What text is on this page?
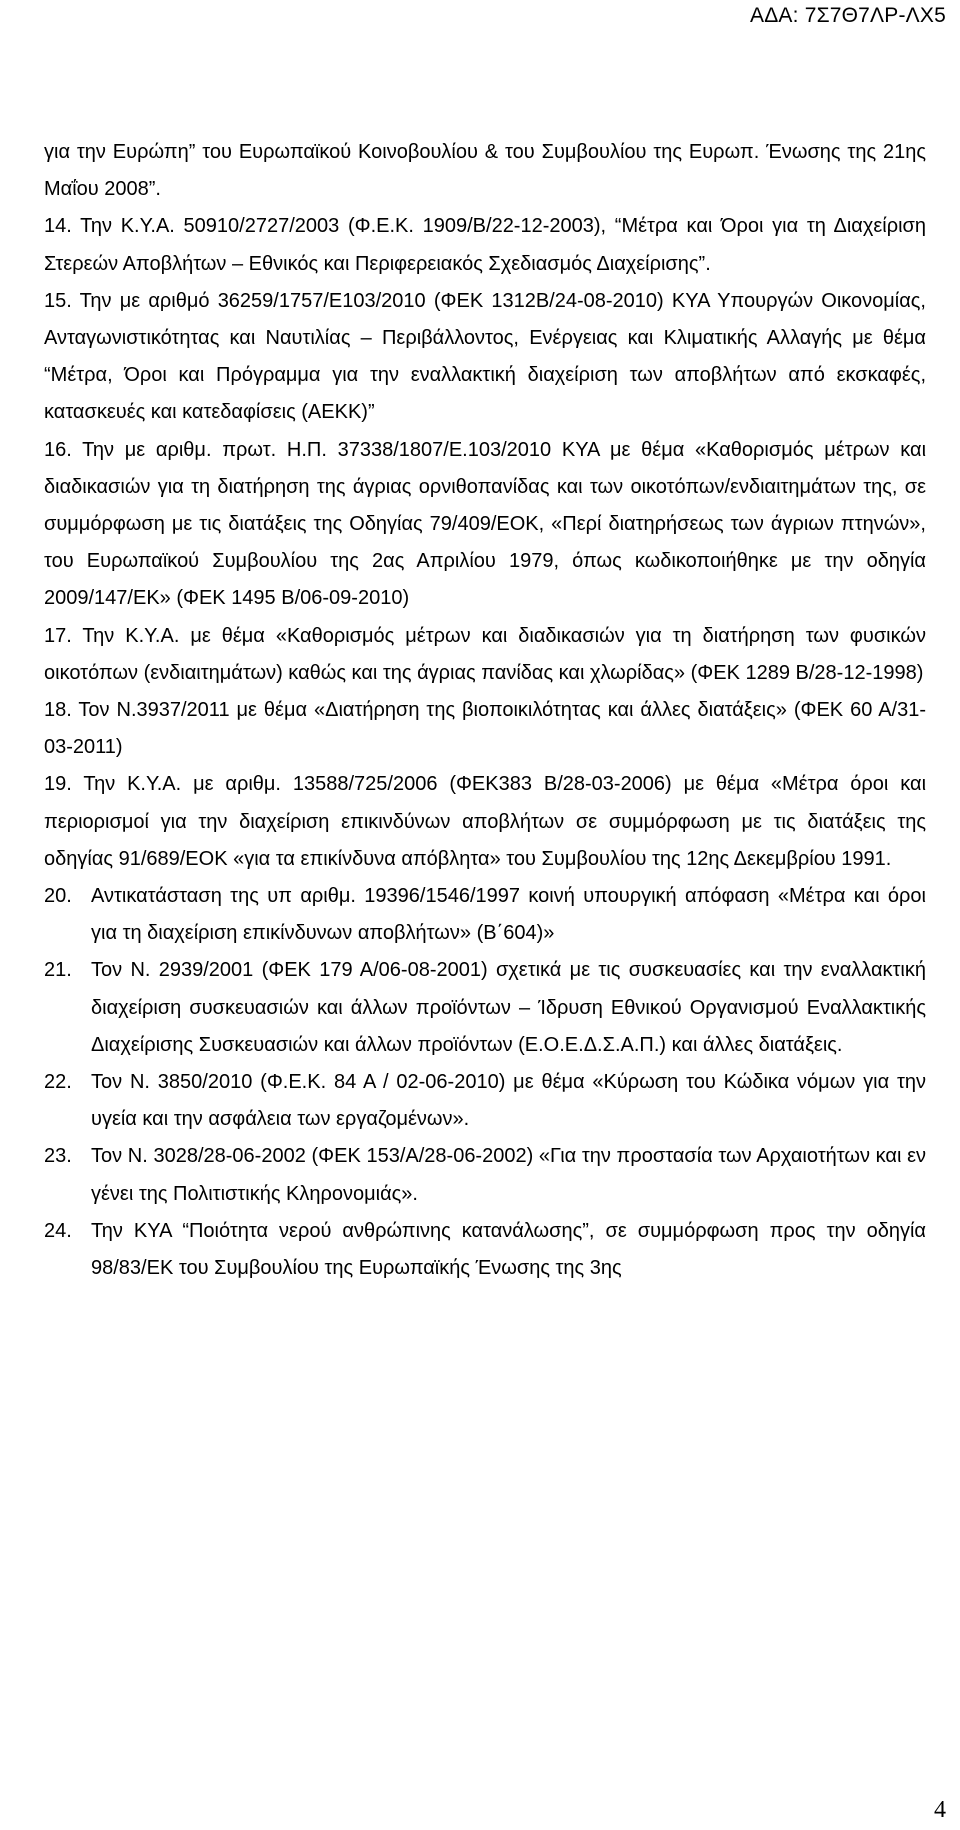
ΑΔΑ: 7Σ7Θ7ΛΡ-ΛΧ5

για την Ευρώπη” του Ευρωπαϊκού Κοινοβουλίου & του Συμβουλίου της Ευρωπ. Ένωσης της 21ης Μαΐου 2008”.

14. Την Κ.Υ.Α. 50910/2727/2003 (Φ.Ε.Κ. 1909/Β/22-12-2003), “Μέτρα και Όροι για τη Διαχείριση Στερεών Αποβλήτων – Εθνικός και Περιφερειακός Σχεδιασμός Διαχείρισης”.

15. Την με αριθμό 36259/1757/Ε103/2010 (ΦΕΚ 1312Β/24-08-2010) ΚΥΑ Υπουργών Οικονομίας, Ανταγωνιστικότητας και Ναυτιλίας – Περιβάλλοντος, Ενέργειας και Κλιματικής Αλλαγής με θέμα “Μέτρα, Όροι και Πρόγραμμα για την εναλλακτική διαχείριση των αποβλήτων από εκσκαφές, κατασκευές και κατεδαφίσεις (ΑΕΚΚ)”

16. Την με αριθμ. πρωτ. Η.Π. 37338/1807/Ε.103/2010 ΚΥΑ με θέμα «Καθορισμός μέτρων και διαδικασιών για τη διατήρηση της άγριας ορνιθοπανίδας και των οικοτόπων/ενδιαιτημάτων της, σε συμμόρφωση με τις διατάξεις της Οδηγίας 79/409/ΕΟΚ, «Περί διατηρήσεως των άγριων πτηνών», του Ευρωπαϊκού Συμβουλίου της 2ας Απριλίου 1979, όπως κωδικοποιήθηκε με την οδηγία 2009/147/ΕΚ» (ΦΕΚ 1495 Β/06-09-2010)

17. Την Κ.Υ.Α. με θέμα «Καθορισμός μέτρων και διαδικασιών για τη διατήρηση των φυσικών οικοτόπων (ενδιαιτημάτων) καθώς και της άγριας πανίδας και χλωρίδας» (ΦΕΚ 1289 Β/28-12-1998)

18. Τον Ν.3937/2011 με θέμα «Διατήρηση της βιοποικιλότητας και άλλες διατάξεις» (ΦΕΚ 60 Α/31-03-2011)

19. Την Κ.Υ.Α. με αριθμ. 13588/725/2006 (ΦΕΚ383 Β/28-03-2006) με θέμα «Μέτρα όροι και περιορισμοί για την διαχείριση επικινδύνων αποβλήτων σε συμμόρφωση με τις διατάξεις της οδηγίας 91/689/ΕΟΚ «για τα επικίνδυνα απόβλητα» του Συμβουλίου της 12ης Δεκεμβρίου 1991.

20. Αντικατάσταση της υπ αριθμ. 19396/1546/1997 κοινή υπουργική απόφαση «Μέτρα και όροι για τη διαχείριση επικίνδυνων αποβλήτων» (Β΄604)»

21. Τον Ν. 2939/2001 (ΦΕΚ 179 Α/06-08-2001) σχετικά με τις συσκευασίες και την εναλλακτική διαχείριση συσκευασιών και άλλων προϊόντων – Ίδρυση Εθνικού Οργανισμού Εναλλακτικής Διαχείρισης Συσκευασιών και άλλων προϊόντων (Ε.Ο.Ε.Δ.Σ.Α.Π.) και άλλες διατάξεις.

22. Τον Ν. 3850/2010 (Φ.Ε.Κ. 84 Α / 02-06-2010) με θέμα «Κύρωση του Κώδικα νόμων για την υγεία και την ασφάλεια των εργαζομένων».

23. Τον Ν. 3028/28-06-2002 (ΦΕΚ 153/Α/28-06-2002) «Για την προστασία των Αρχαιοτήτων και εν γένει της Πολιτιστικής Κληρονομιάς».

24. Την ΚΥΑ “Ποιότητα νερού ανθρώπινης κατανάλωσης”, σε συμμόρφωση προς την οδηγία 98/83/ΕΚ του Συμβουλίου της Ευρωπαϊκής Ένωσης της 3ης

4
